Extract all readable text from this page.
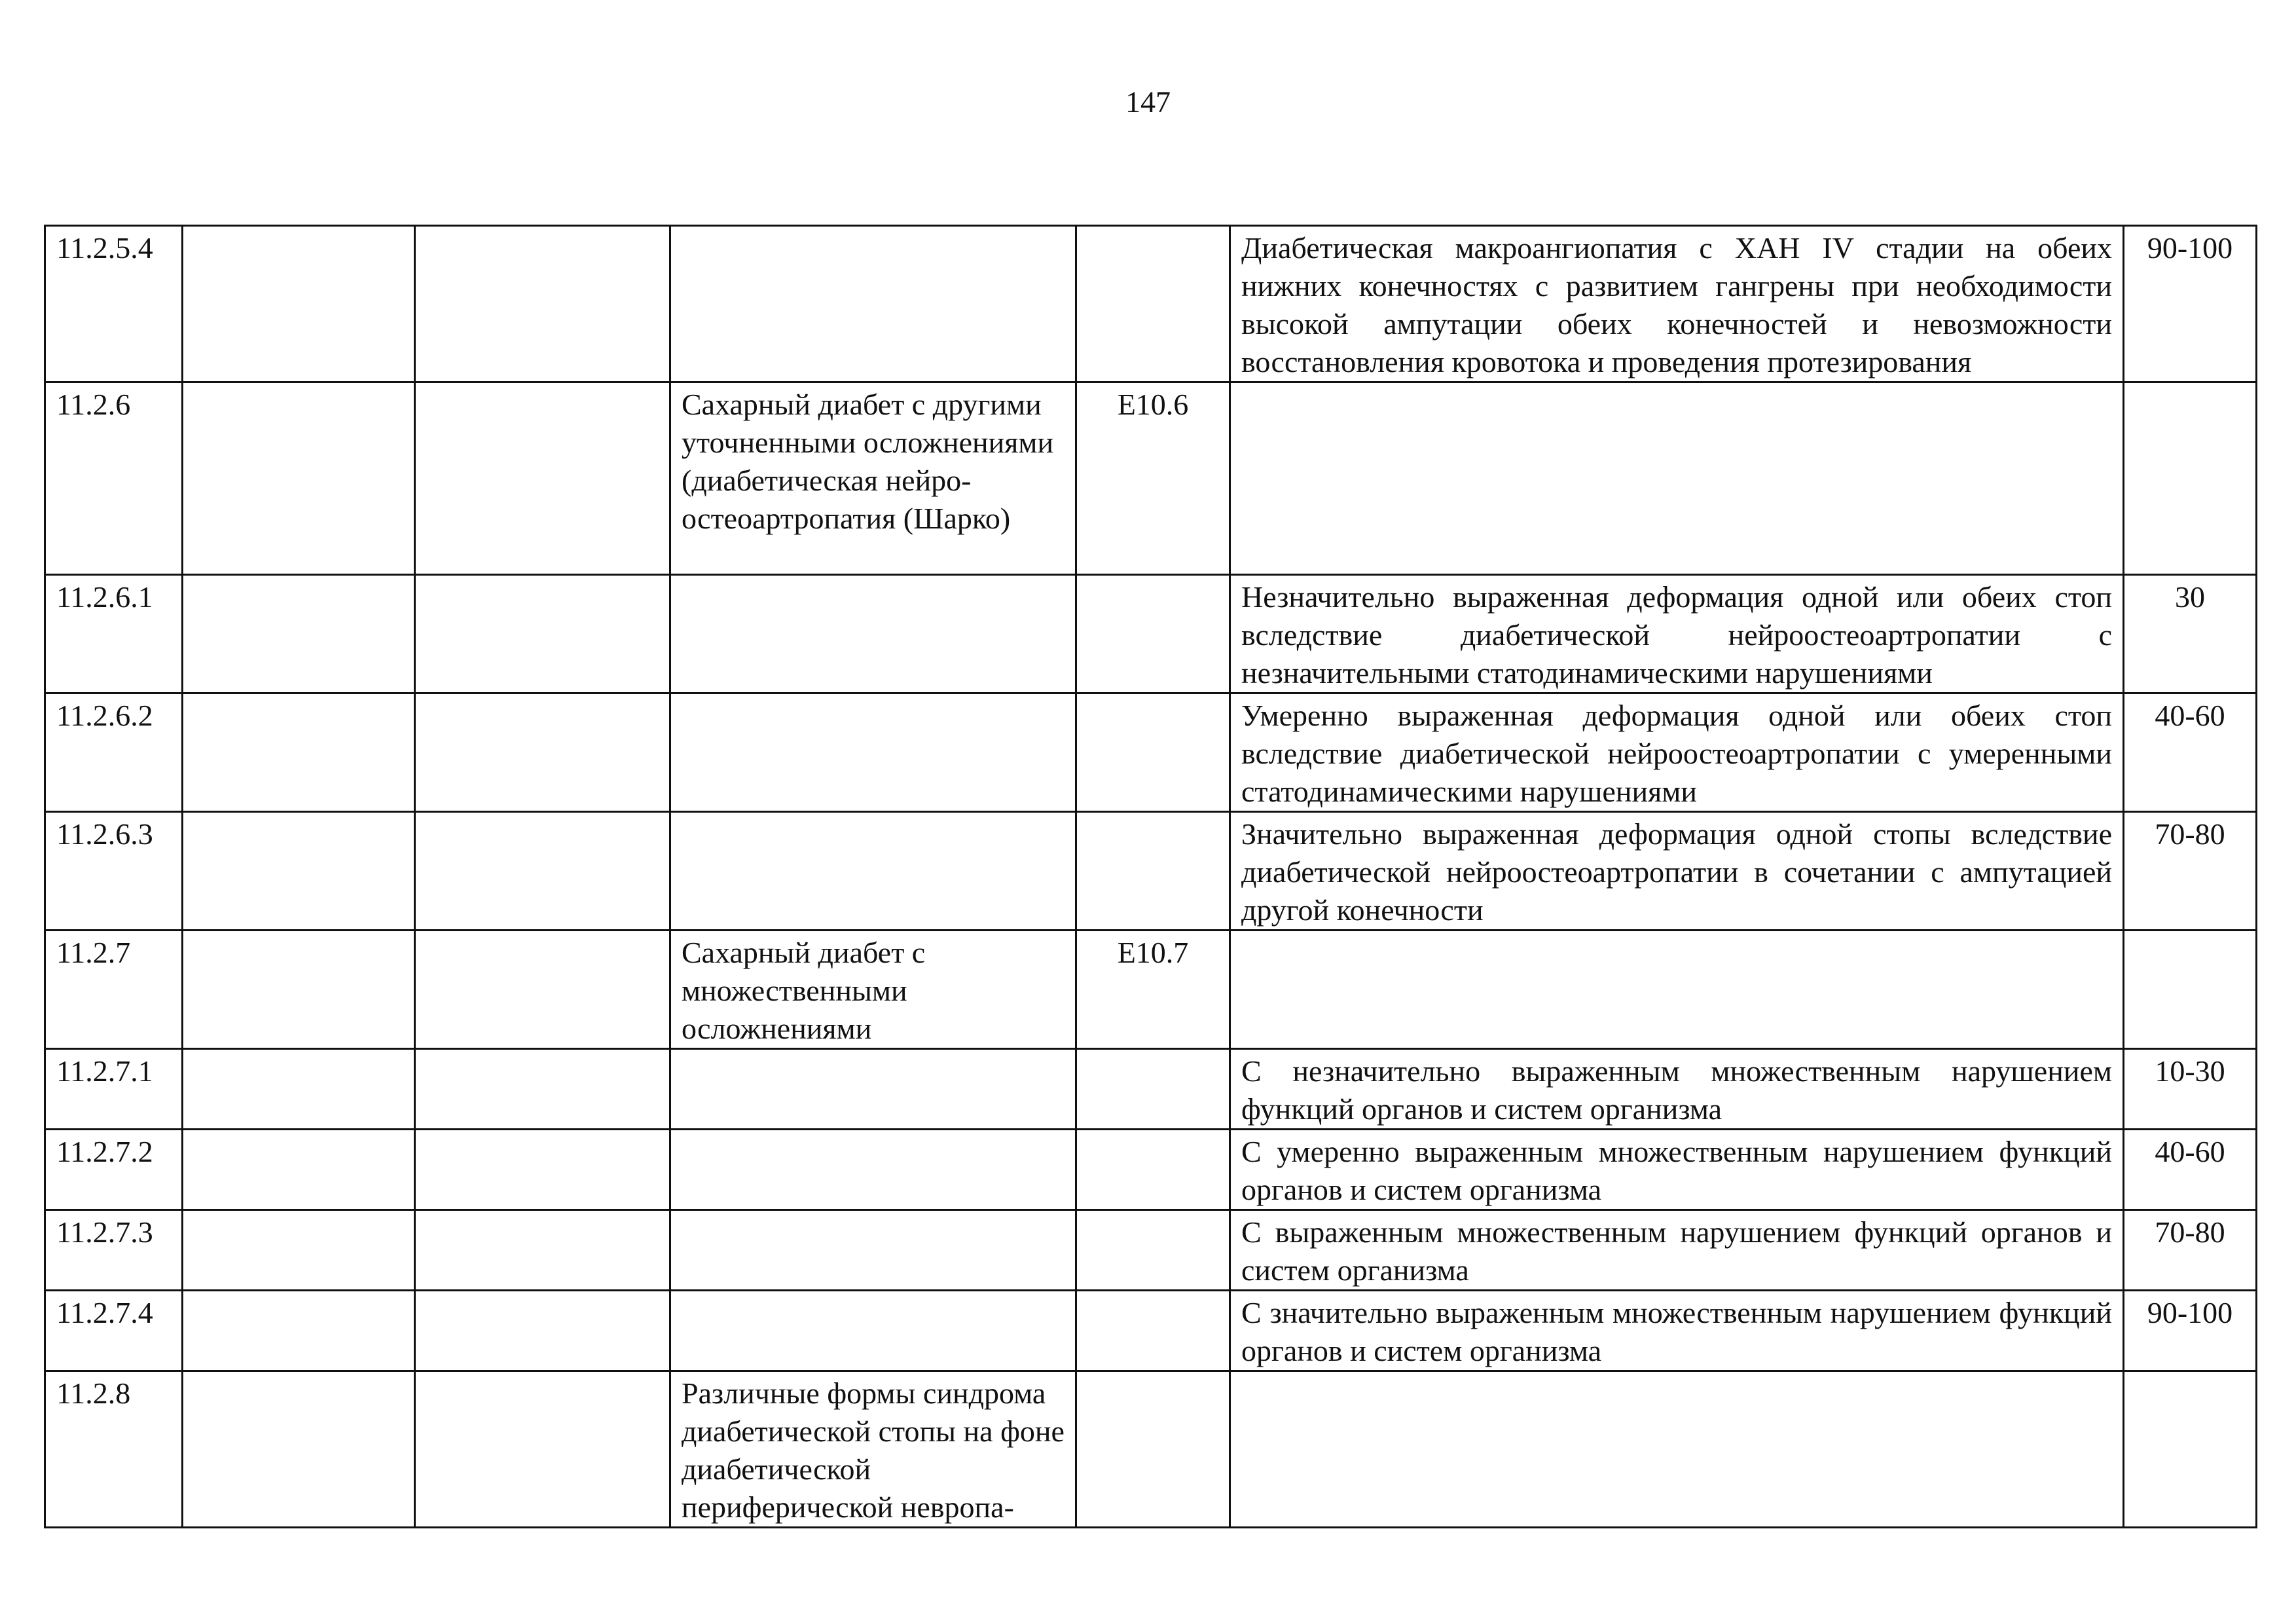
147
11.2.5.4					Диабетическая макроангиопатия с ХАН IV стадии на обеих нижних конечностях с развитием гангрены при необходимости высокой ампутации обеих конечностей и невозможности восстановления кровотока и проведения протезирования	90-100
11.2.6			Сахарный диабет с другими уточненными осложнениями (диабетическая нейро-остеоартропатия (Шарко)	E10.6		
11.2.6.1					Незначительно выраженная деформация одной или обеих стоп вследствие диабетической нейроостеоартропатии с незначительными статодинамическими нарушениями	30
11.2.6.2					Умеренно выраженная деформация одной или обеих стоп вследствие диабетической нейроостеоартропатии с умеренными статодинамическими нарушениями	40-60
11.2.6.3					Значительно выраженная деформация одной стопы вследствие диабетической нейроостеоартропатии в сочетании с ампутацией другой конечности	70-80
11.2.7			Сахарный диабет с множественными осложнениями	E10.7		
11.2.7.1					С незначительно выраженным множественным нарушением функций органов и систем организма	10-30
11.2.7.2					С умеренно выраженным множественным нарушением функций органов и систем организма	40-60
11.2.7.3					С выраженным множественным нарушением функций органов и систем организма	70-80
11.2.7.4					С значительно выраженным множественным нарушением функций органов и систем организма	90-100
11.2.8			Различные формы синдрома диабетической стопы на фоне диабетической периферической невропа-			
